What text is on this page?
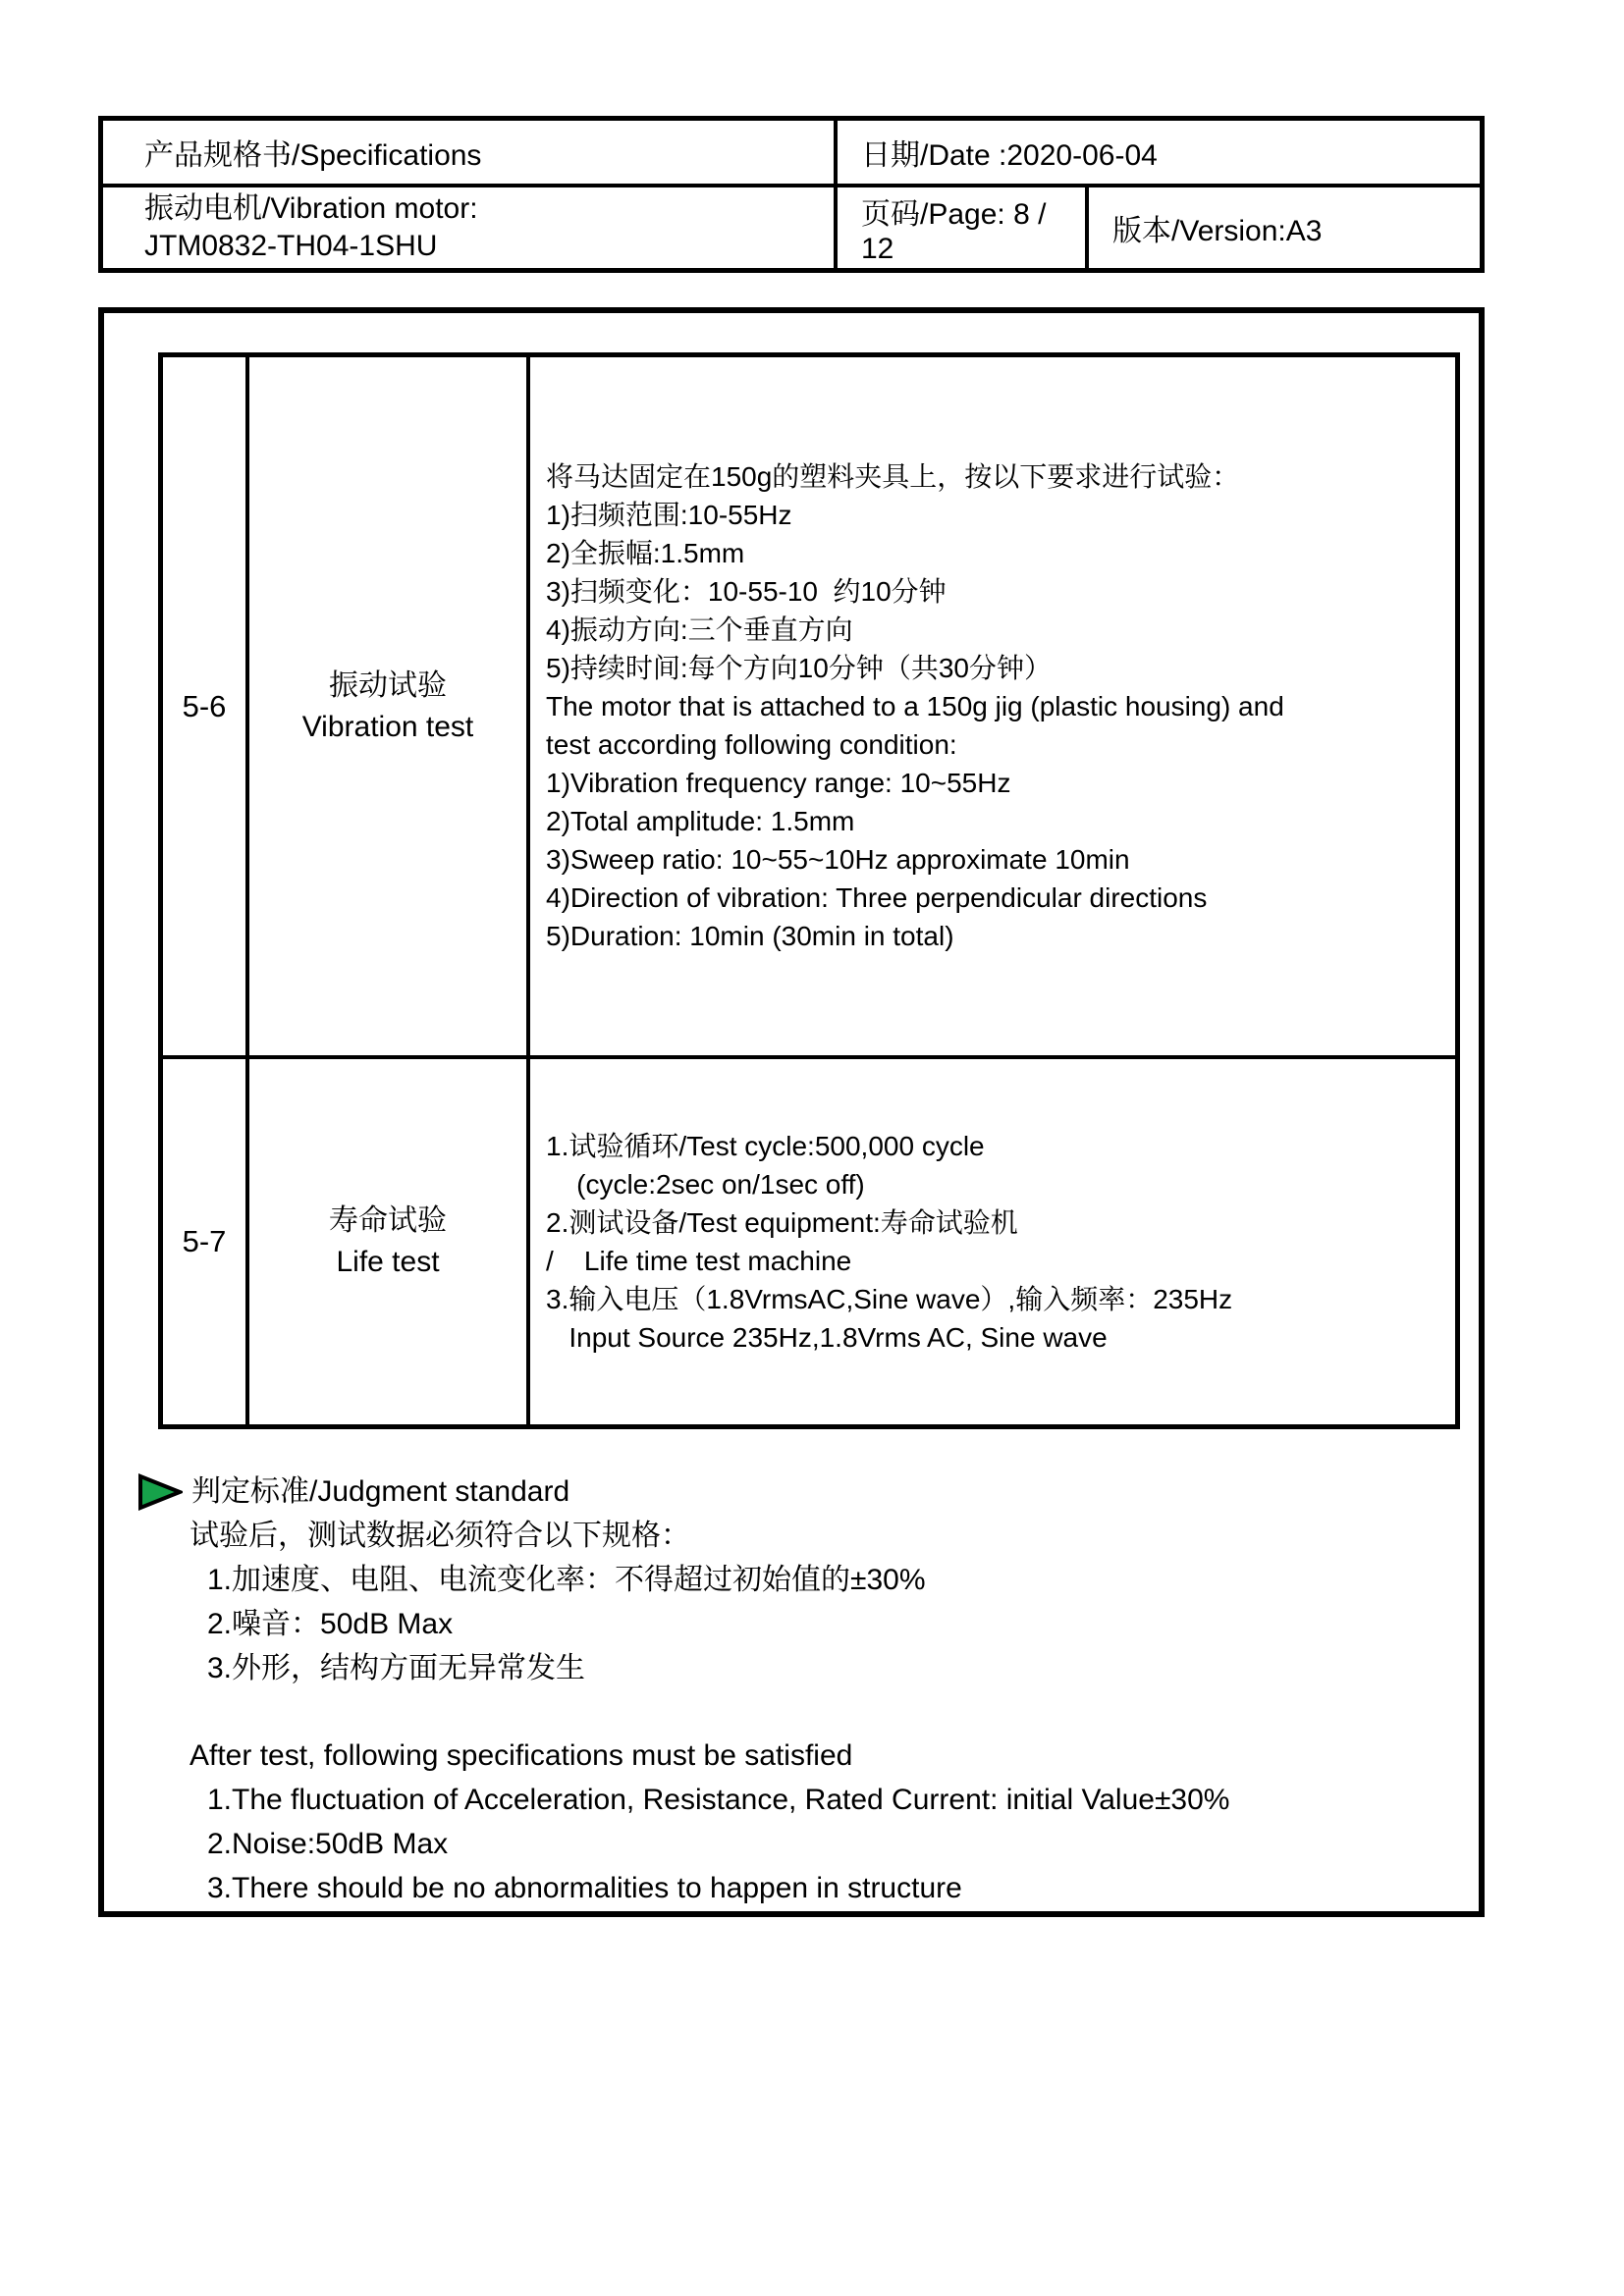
产品规格书/Specifications	日期/Date :2020-06-04
振动电机/Vibration motor:
JTM0832-TH04-1SHU
页码/Page: 8 / 12
版本/Version:A3
5-6
振动试验
Vibration test
将马达固定在150g的塑料夹具上，按以下要求进行试验：
1)扫频范围:10-55Hz
2)全振幅:1.5mm
3)扫频变化：10-55-10  约10分钟
4)振动方向:三个垂直方向
5)持续时间:每个方向10分钟（共30分钟）
The motor that is attached to a 150g jig (plastic housing) and
test according following condition:
1)Vibration frequency range: 10~55Hz
2)Total amplitude: 1.5mm
3)Sweep ratio: 10~55~10Hz approximate 10min
4)Direction of vibration: Three perpendicular directions
5)Duration: 10min (30min in total)
5-7
寿命试验
Life test
1.试验循环/Test cycle:500,000 cycle
(cycle:2sec on/1sec off)
2.测试设备/Test equipment:寿命试验机
/    Life time test machine
3.输入电压（1.8VrmsAC,Sine wave）,输入频率：235Hz
Input Source 235Hz,1.8Vrms AC, Sine wave
判定标准/Judgment standard
试验后，测试数据必须符合以下规格：
1.加速度、电阻、电流变化率：不得超过初始值的±30%
2.噪音：50dB Max
3.外形，结构方面无异常发生
After test, following specifications must be satisfied
1.The fluctuation of Acceleration, Resistance, Rated Current: initial Value±30%
2.Noise:50dB Max
3.There should be no abnormalities to happen in structure
